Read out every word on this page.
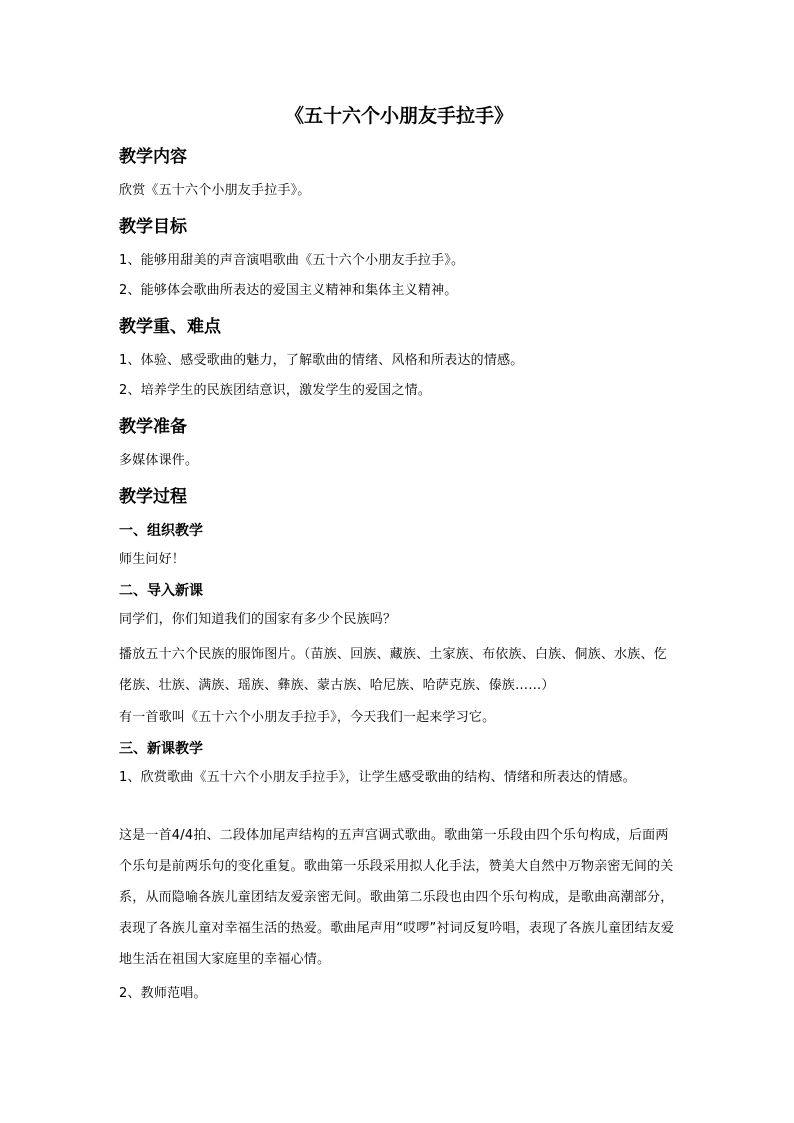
《五十六个小朋友手拉手》
教学内容
欣赏《五十六个小朋友手拉手》。
教学目标
1、能够用甜美的声音演唱歌曲《五十六个小朋友手拉手》。
2、能够体会歌曲所表达的爱国主义精神和集体主义精神。
教学重、难点
1、体验、感受歌曲的魅力，了解歌曲的情绪、风格和所表达的情感。
2、培养学生的民族团结意识，激发学生的爱国之情。
教学准备
多媒体课件。
教学过程
一、组织教学
师生问好！
二、导入新课
同学们，你们知道我们的国家有多少个民族吗？
播放五十六个民族的服饰图片。（苗族、回族、藏族、土家族、布依族、白族、侗族、水族、仡佬族、壮族、满族、瑶族、彝族、蒙古族、哈尼族、哈萨克族、傣族……）
有一首歌叫《五十六个小朋友手拉手》，今天我们一起来学习它。
三、新课教学
1、欣赏歌曲《五十六个小朋友手拉手》，让学生感受歌曲的结构、情绪和所表达的情感。
这是一首4/4拍、二段体加尾声结构的五声宫调式歌曲。歌曲第一乐段由四个乐句构成，后面两个乐句是前两乐句的变化重复。歌曲第一乐段采用拟人化手法，赞美大自然中万物亲密无间的关系，从而隐喻各族儿童团结友爱亲密无间。歌曲第二乐段也由四个乐句构成，是歌曲高潮部分，表现了各族儿童对幸福生活的热爱。歌曲尾声用“哎啰”衬词反复吟唱，表现了各族儿童团结友爱地生活在祖国大家庭里的幸福心情。
2、教师范唱。
